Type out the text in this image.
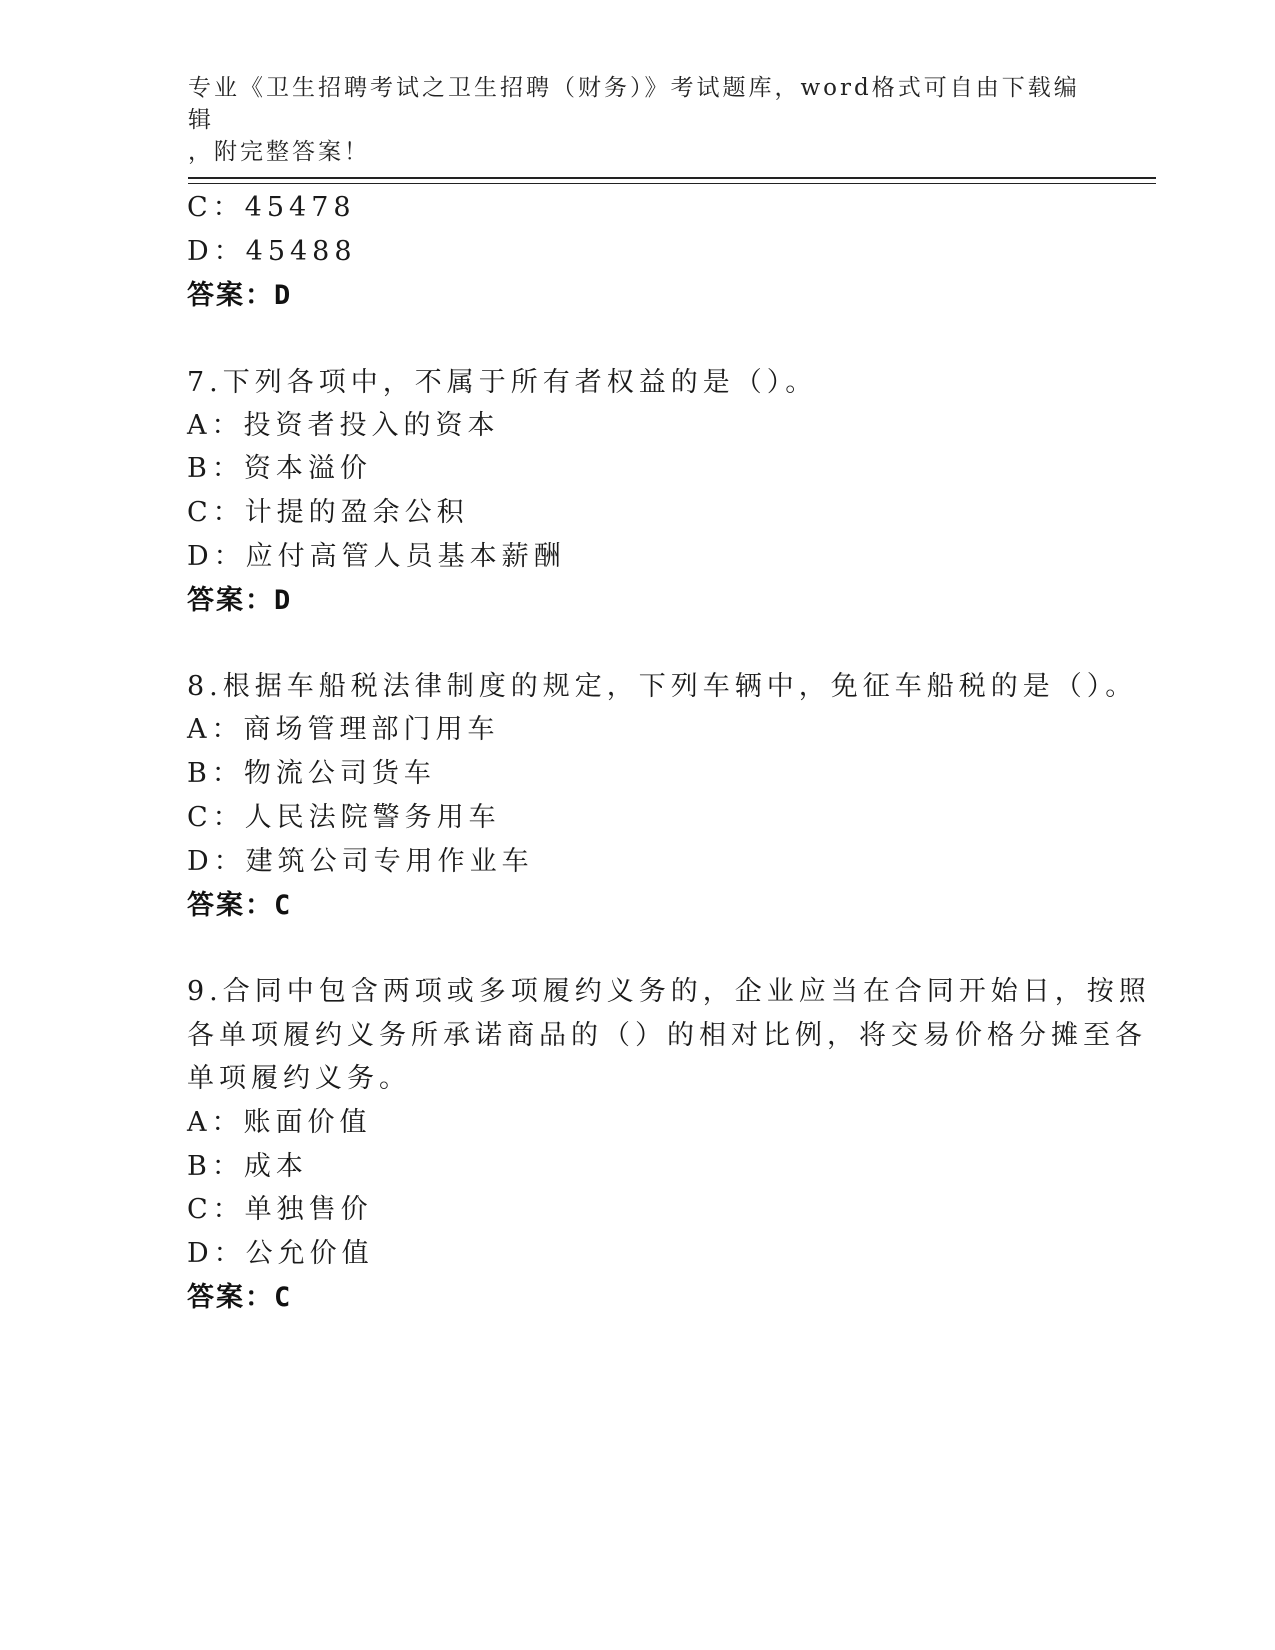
专业《卫生招聘考试之卫生招聘（财务）》考试题库，word格式可自由下载编辑
，附完整答案！
C：45478
D：45488
答案：D
7.下列各项中，不属于所有者权益的是（）。
A：投资者投入的资本
B：资本溢价
C：计提的盈余公积
D：应付高管人员基本薪酬
答案：D
8.根据车船税法律制度的规定，下列车辆中，免征车船税的是（）。
A：商场管理部门用车
B：物流公司货车
C：人民法院警务用车
D：建筑公司专用作业车
答案：C
9.合同中包含两项或多项履约义务的，企业应当在合同开始日，按照
各单项履约义务所承诺商品的（）的相对比例，将交易价格分摊至各
单项履约义务。
A：账面价值
B：成本
C：单独售价
D：公允价值
答案：C
